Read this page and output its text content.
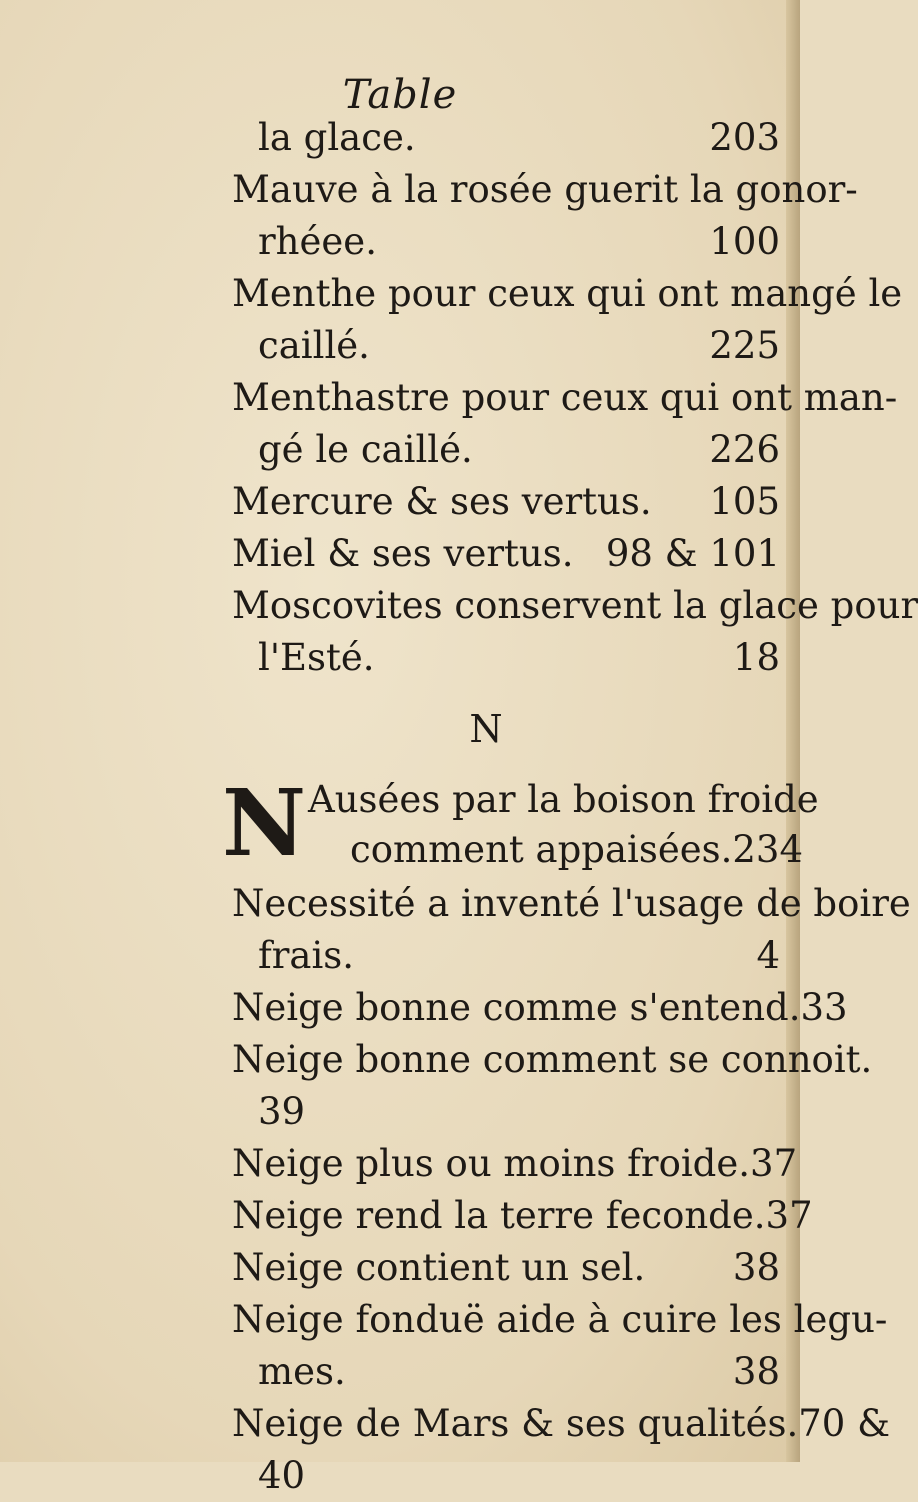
Table
la glace.	203
Mauve à la rosée guerit la gonor-
rhéee.	100
Menthe pour ceux qui ont mangé le
caillé.	225
Menthastre pour ceux qui ont man-
gé le caillé.	226
Mercure & ses vertus. 105
Miel & ses vertus. 98 & 101
Moscovites conservent la glace pour
l'Esté.	18
N
N Ausées par la boison froide
comment appaisées. 234
Necessité a inventé l'usage de boire
frais.	4
Neige bonne comme s'entend. 33
Neige bonne comment se connoit.
39
Neige plus ou moins froide. 37
Neige rend la terre feconde. 37
Neige contient un sel. 38
Neige fonduë aide à cuire les legu-
mes.	38
Neige de Mars & ses qualités.70 &
40
